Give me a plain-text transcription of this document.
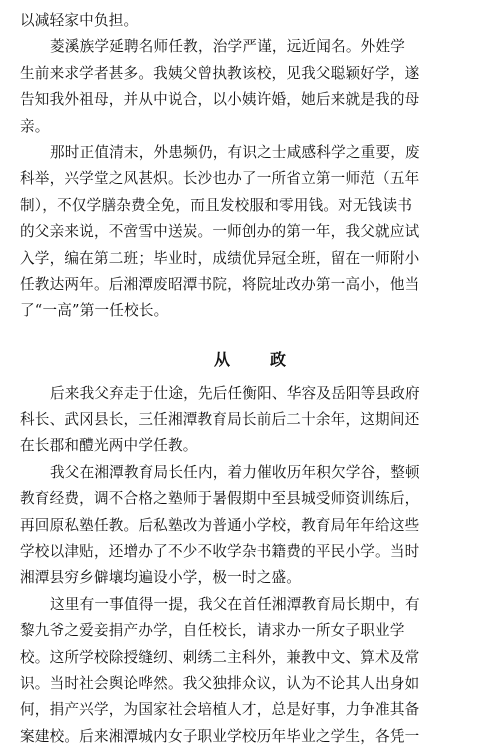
以减轻家中负担。
菱溪族学延聘名师任教，治学严谨，远近闻名。外姓学
生前来求学者甚多。我姨父曾执教该校，见我父聪颖好学，遂
告知我外祖母，并从中说合，以小姨许婚，她后来就是我的母
亲。
那时正值清末，外患频仍，有识之士咸感科学之重要，废
科举，兴学堂之风甚炽。长沙也办了一所省立第一师范（五年
制），不仅学膳杂费全免，而且发校服和零用钱。对无钱读书
的父亲来说，不啻雪中送炭。一师创办的第一年，我父就应试
入学，编在第二班；毕业时，成绩优异冠全班，留在一师附小
任教达两年。后湘潭废昭潭书院，将院址改办第一高小，他当
了“一高”第一任校长。
从 政
后来我父弃走于仕途，先后任衡阳、华容及岳阳等县政府
科长、武冈县长，三任湘潭教育局长前后二十余年，这期间还
在长郡和醴光两中学任教。
我父在湘潭教育局长任内，着力催收历年积欠学谷，整顿
教育经费，调不合格之塾师于暑假期中至县城受师资训练后，
再回原私塾任教。后私塾改为普通小学校，教育局年年给这些
学校以津贴，还增办了不少不收学杂书籍费的平民小学。当时
湘潭县穷乡僻壤均遍设小学，极一时之盛。
这里有一事值得一提，我父在首任湘潭教育局长期中，有
黎九爷之爱妾捐产办学，自任校长，请求办一所女子职业学
校。这所学校除授缝纫、刺绣二主科外，兼教中文、算术及常
识。当时社会舆论哗然。我父独排众议，认为不论其人出身如
何，捐产兴学，为国家社会培植人才，总是好事，力争准其备
案建校。后来湘潭城内女子职业学校历年毕业之学生，各凭一
